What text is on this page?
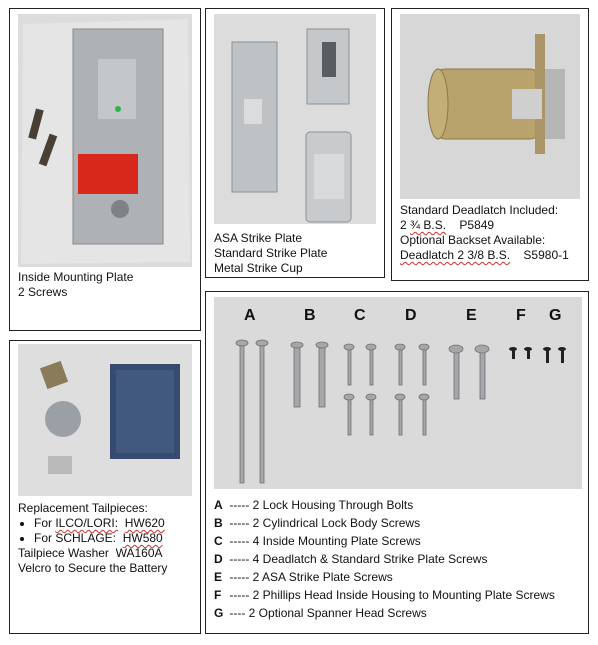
Inside Mounting Plate
2 Screws
ASA Strike Plate
Standard Strike Plate
Metal Strike Cup
Standard Deadlatch Included:
2 ¾ B.S. P5849
Optional Backset Available:
Deadlatch 2 3/8 B.S. S5980-1
Replacement Tailpieces:
• For ILCO/LORI: HW620
• For SCHLAGE: HW580
Tailpiece Washer WA160A
Velcro to Secure the Battery
A	B C D	E F G
A ----- 2 Lock Housing Through Bolts
B ----- 2 Cylindrical Lock Body Screws
C ----- 4 Inside Mounting Plate Screws
D ----- 4 Deadlatch & Standard Strike Plate Screws
E ----- 2 ASA Strike Plate Screws
F ----- 2 Phillips Head Inside Housing to Mounting Plate Screws
G ---- 2 Optional Spanner Head Screws
